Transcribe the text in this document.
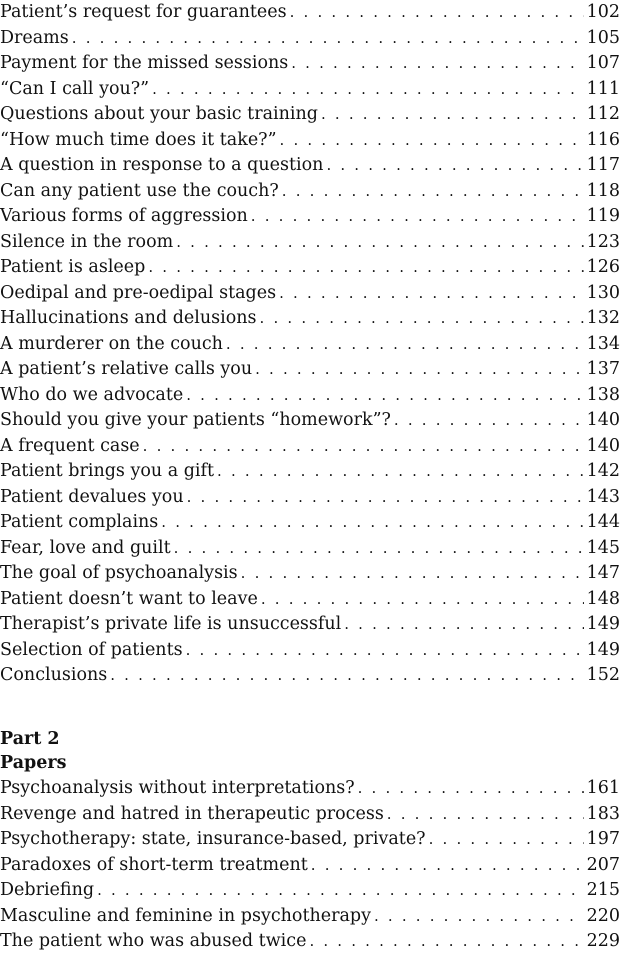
Patient’s request for guarantees . . .	102
Dreams . . .	105
Payment for the missed sessions . . .	107
“Can I call you?” . . .	111
Questions about your basic training . . .	112
“How much time does it take?” . . .	116
A question in response to a question . . .	117
Can any patient use the couch? . . .	118
Various forms of aggression . . .	119
Silence in the room . . .	123
Patient is asleep . . .	126
Oedipal and pre-oedipal stages . . .	130
Hallucinations and delusions . . .	132
A murderer on the couch . . .	134
A patient’s relative calls you . . .	137
Who do we advocate . . .	138
Should you give your patients “homework”? . . .	140
A frequent case . . .	140
Patient brings you a gift . . .	142
Patient devalues you . . .	143
Patient complains . . .	144
Fear, love and guilt . . .	145
The goal of psychoanalysis . . .	147
Patient doesn’t want to leave . . .	148
Therapist’s private life is unsuccessful . . .	149
Selection of patients . . .	149
Conclusions . . .	152
Part 2
Papers
Psychoanalysis without interpretations? . . .	161
Revenge and hatred in therapeutic process . . .	183
Psychotherapy: state, insurance-based, private? . . .	197
Paradoxes of short-term treatment . . .	207
Debriefing . . .	215
Masculine and feminine in psychotherapy . . .	220
The patient who was abused twice . . .	229
